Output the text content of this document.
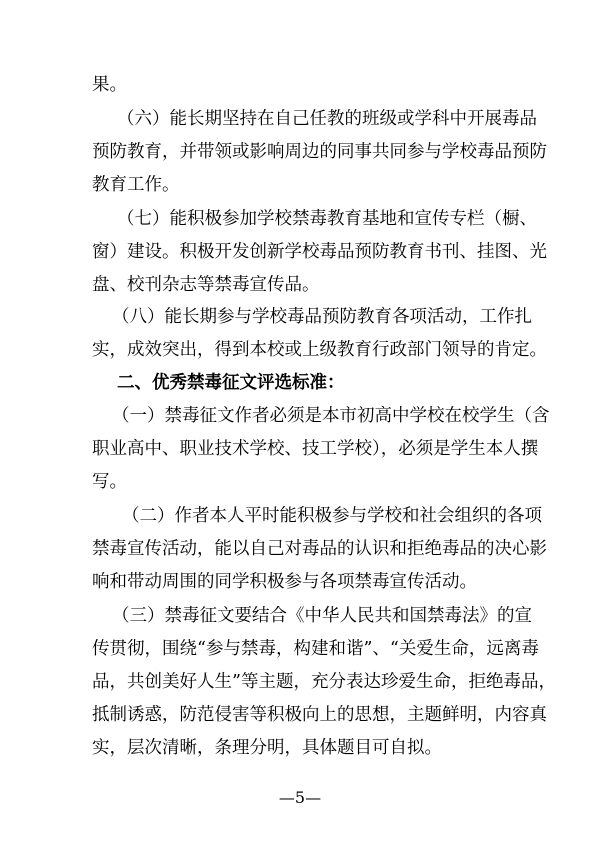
果。
（六）能长期坚持在自己任教的班级或学科中开展毒品
预防教育，并带领或影响周边的同事共同参与学校毒品预防
教育工作。
（七）能积极参加学校禁毒教育基地和宣传专栏（橱、
窗）建设。积极开发创新学校毒品预防教育书刊、挂图、光
盘、校刊杂志等禁毒宣传品。
（八）能长期参与学校毒品预防教育各项活动，工作扎
实，成效突出，得到本校或上级教育行政部门领导的肯定。
二、优秀禁毒征文评选标准：
（一）禁毒征文作者必须是本市初高中学校在校学生（含
职业高中、职业技术学校、技工学校），必须是学生本人撰
写。
（二）作者本人平时能积极参与学校和社会组织的各项
禁毒宣传活动，能以自己对毒品的认识和拒绝毒品的决心影
响和带动周围的同学积极参与各项禁毒宣传活动。
（三）禁毒征文要结合《中华人民共和国禁毒法》的宣
传贯彻，围绕“参与禁毒，构建和谐”、“关爱生命，远离毒
品，共创美好人生”等主题，充分表达珍爱生命，拒绝毒品，
抵制诱惑，防范侵害等积极向上的思想，主题鲜明，内容真
实，层次清晰，条理分明，具体题目可自拟。
—5—
